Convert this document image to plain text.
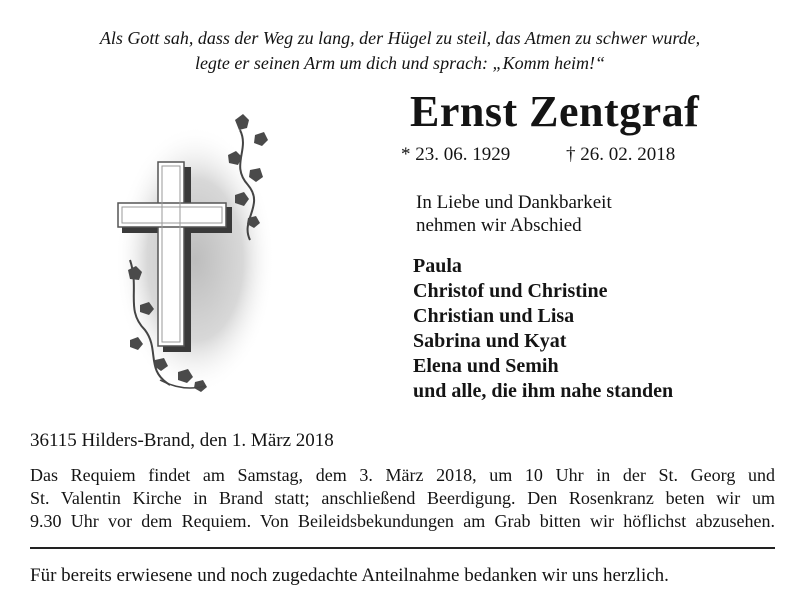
Als Gott sah, dass der Weg zu lang, der Hügel zu steil, das Atmen zu schwer wurde,
legte er seinen Arm um dich und sprach: „Komm heim!“
Ernst Zentgraf
* 23. 06. 1929	† 26. 02. 2018
In Liebe und Dankbarkeit
nehmen wir Abschied
Paula
Christof und Christine
Christian und Lisa
Sabrina und Kyat
Elena und Semih
und alle, die ihm nahe standen
36115 Hilders-Brand, den 1. März 2018
Das Requiem findet am Samstag, dem 3. März 2018, um 10 Uhr in der St. Georg und
St. Valentin Kirche in Brand statt; anschließend Beerdigung. Den Rosenkranz beten wir um
9.30 Uhr vor dem Requiem. Von Beileidsbekundungen am Grab bitten wir höflichst abzusehen.
Für bereits erwiesene und noch zugedachte Anteilnahme bedanken wir uns herzlich.
